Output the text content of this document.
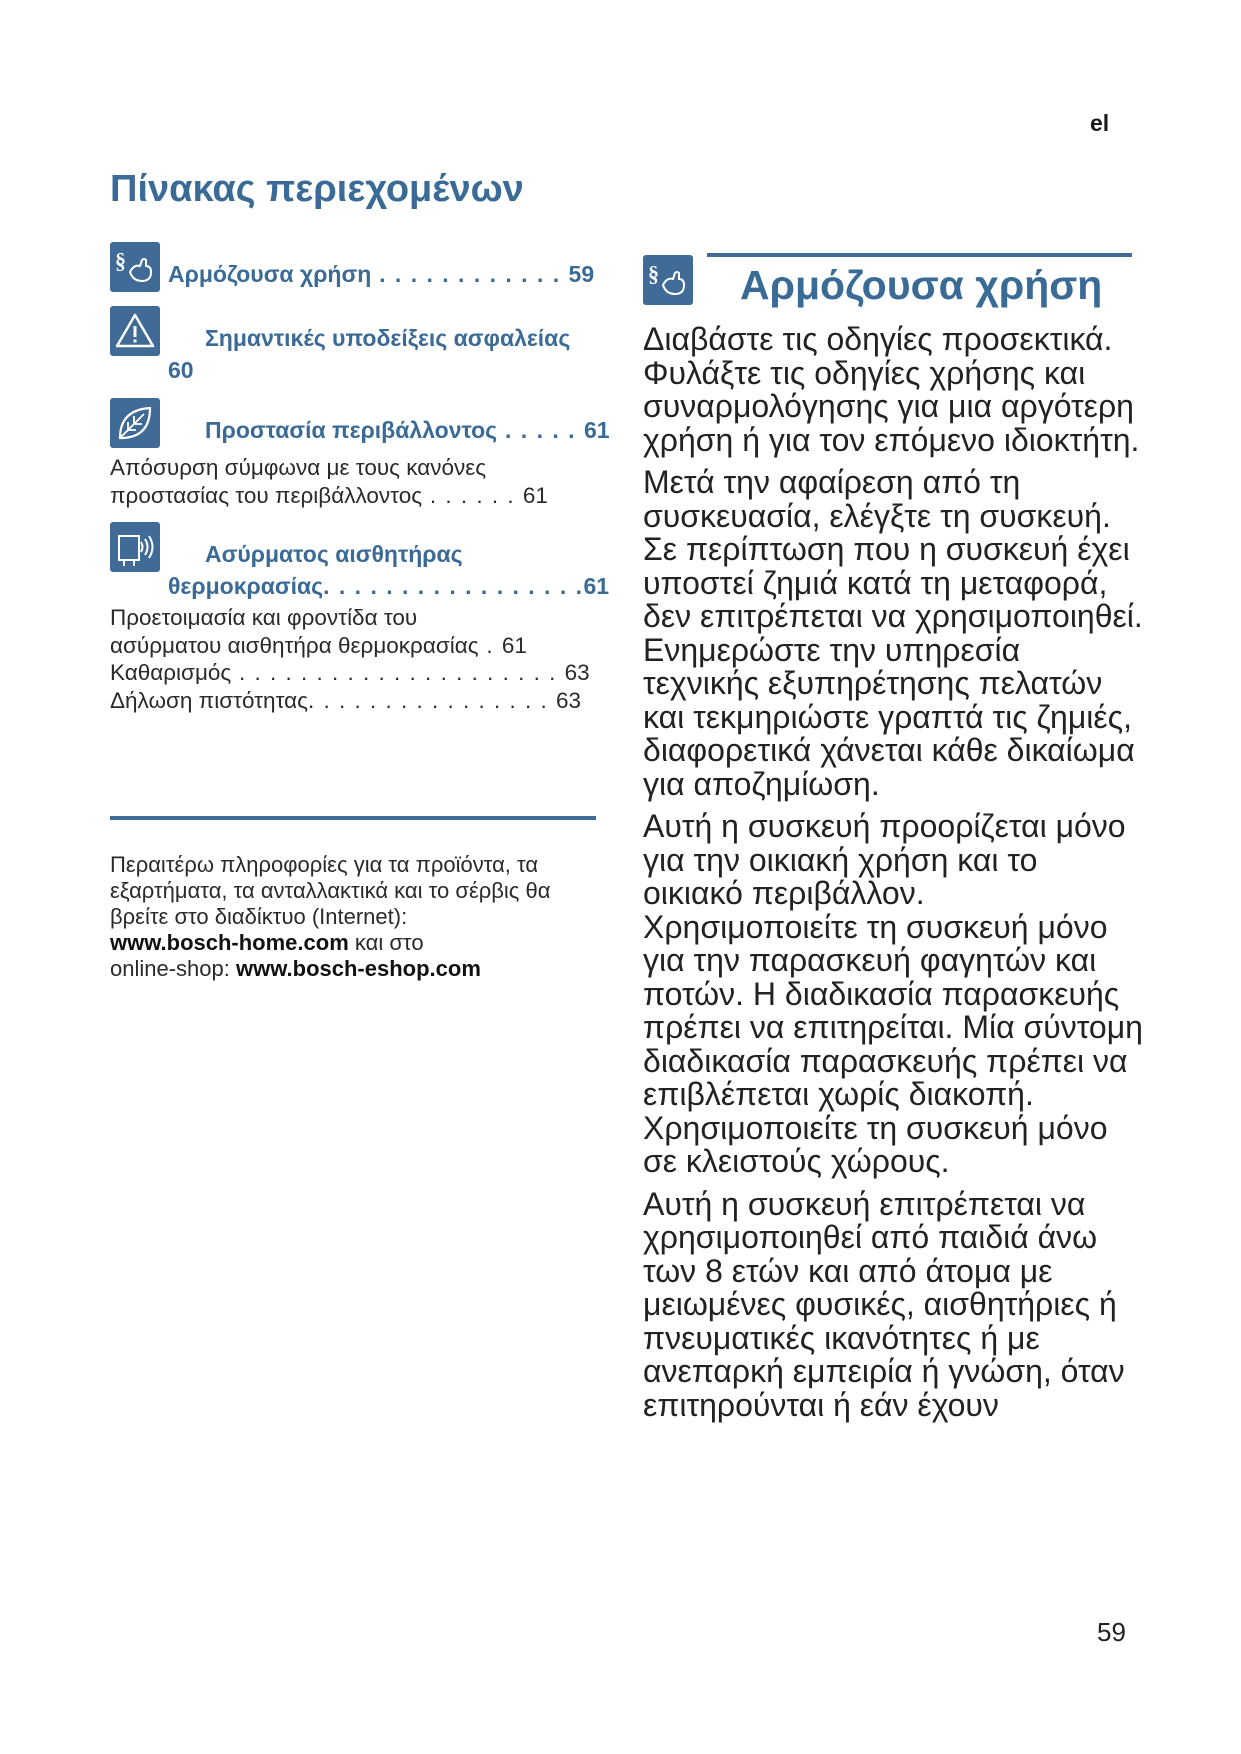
el
Πίνακας περιεχομένων
§
Αρμόζουσα χρήση . . . . . . . . . . . . 59
Σημαντικές υποδείξεις ασφαλείας
60
Προστασία περιβάλλοντος . . . . . 61
Απόσυρση σύμφωνα με τους κανόνες
προστασίας του περιβάλλοντος . . . . . . 61
Ασύρματος αισθητήρας
θερμοκρασίας. . . . . . . . . . . . . . . . .61
Προετοιμασία και φροντίδα του
ασύρματου αισθητήρα θερμοκρασίας . 61
Καθαρισμός . . . . . . . . . . . . . . . . . . . . . 63
Δήλωση πιστότητας. . . . . . . . . . . . . . . . 63
Περαιτέρω πληροφορίες για τα προϊόντα, τα εξαρτήματα, τα ανταλλακτικά και το σέρβις θα βρείτε στο διαδίκτυο (Internet):
www.bosch-home.com και στο
online-shop: www.bosch-eshop.com
§ Αρμόζουσα χρήση

Διαβάστε τις οδηγίες προσεκτικά. Φυλάξτε τις οδηγίες χρήσης και συναρμολόγησης για μια αργότερη χρήση ή για τον επόμενο ιδιοκτήτη.

Μετά την αφαίρεση από τη συσκευασία, ελέγξτε τη συσκευή. Σε περίπτωση που η συσκευή έχει υποστεί ζημιά κατά τη μεταφορά, δεν επιτρέπεται να χρησιμοποιηθεί. Ενημερώστε την υπηρεσία τεχνικής εξυπηρέτησης πελατών και τεκμηριώστε γραπτά τις ζημιές, διαφορετικά χάνεται κάθε δικαίωμα για αποζημίωση.

Αυτή η συσκευή προορίζεται μόνο για την οικιακή χρήση και το οικιακό περιβάλλον. Χρησιμοποιείτε τη συσκευή μόνο για την παρασκευή φαγητών και ποτών. Η διαδικασία παρασκευής πρέπει να επιτηρείται. Μία σύντομη διαδικασία παρασκευής πρέπει να επιβλέπεται χωρίς διακοπή. Χρησιμοποιείτε τη συσκευή μόνο σε κλειστούς χώρους.

Αυτή η συσκευή επιτρέπεται να χρησιμοποιηθεί από παιδιά άνω των 8 ετών και από άτομα με μειωμένες φυσικές, αισθητήριες ή πνευματικές ικανότητες ή με ανεπαρκή εμπειρία ή γνώση, όταν επιτηρούνται ή εάν έχουν

59
